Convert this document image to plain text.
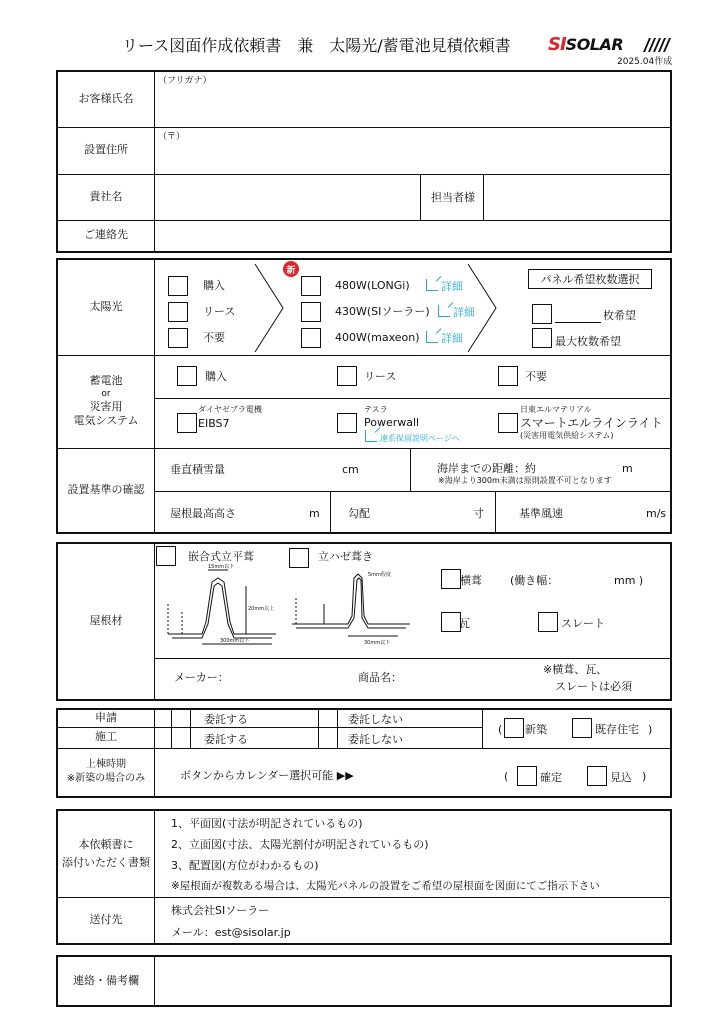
リース図面作成依頼書　兼　太陽光/蓄電池見積依頼書 SISOLAR
2025.04作成
お客様氏名
（フリガナ）
設置住所
（〒）
貴社名	担当者様
ご連絡先
太陽光
購入
リース
不要
新
480W(LONGi)	詳細
430W(SIソーラー)	詳細
400W(maxeon)	詳細
パネル希望枚数選択
枚希望
最大枚数希望
蓄電池
or
災害用
電気システム
購入	リース	不要
ダイヤゼブラ電機
EIBS7
テスラ
Powerwall
連系保留説明ページへ
日東エルマテリアル
スマートエルラインライト
(災害用電気供給システム)
設置基準の確認
垂直積雪量	cm	海岸までの距離：約	m
※海岸より300m未満は原則設置不可となります
屋根最高高さ	m	勾配	寸	基準風速	m/s
屋根材
嵌合式立平葺	立ハゼ葺き
15mm以下
20mm以上
300mm以下
5mm程度
30mm以下
横葺	(働き幅：	mm )
瓦	スレート
メーカー：	商品名：
※横葺、瓦、
スレートは必須
申請
施工
委託する	委託しない
委託する	委託しない
( 新築	既存住宅 )
上棟時期
※新築の場合のみ	ボタンからカレンダー選択可能 ▶▶	(	確定	見込 )
本依頼書に
添付いただく書類
1、平面図(寸法が明記されているもの)
2、立面図(寸法、太陽光割付が明記されているもの)
3、配置図(方位がわかるもの)
※屋根面が複数ある場合は、太陽光パネルの設置をご希望の屋根面を図面にてご指示下さい
送付先
株式会社SIソーラー
メール：est@sisolar.jp
連絡・備考欄
